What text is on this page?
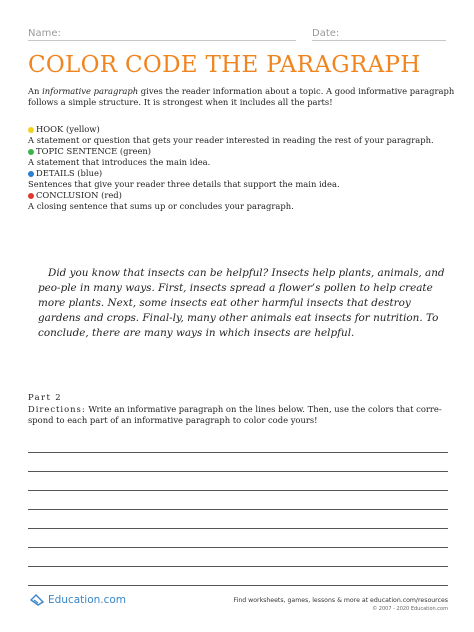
Name:	Date:
COLOR CODE THE PARAGRAPH
An informative paragraph gives the reader information about a topic. A good informative paragraph follows a simple structure. It is strongest when it includes all the parts!
HOOK (yellow)
A statement or question that gets your reader interested in reading the rest of your paragraph.
TOPIC SENTENCE (green)
A statement that introduces the main idea.
DETAILS (blue)
Sentences that give your reader three details that support the main idea.
CONCLUSION (red)
A closing sentence that sums up or concludes your paragraph.

Did you know that insects can be helpful? Insects help plants, animals, and peo-ple in many ways. First, insects spread a flower’s pollen to help create more plants. Next, some insects eat other harmful insects that destroy gardens and crops. Final-ly, many other animals eat insects for nutrition. To conclude, there are many ways in which insects are helpful.

Part 2
Directions: Write an informative paragraph on the lines below. Then, use the colors that corre-spond to each part of an informative paragraph to color code yours!
Education.com	Find worksheets, games, lessons & more at education.com/resources
© 2007 - 2020 Education.com
